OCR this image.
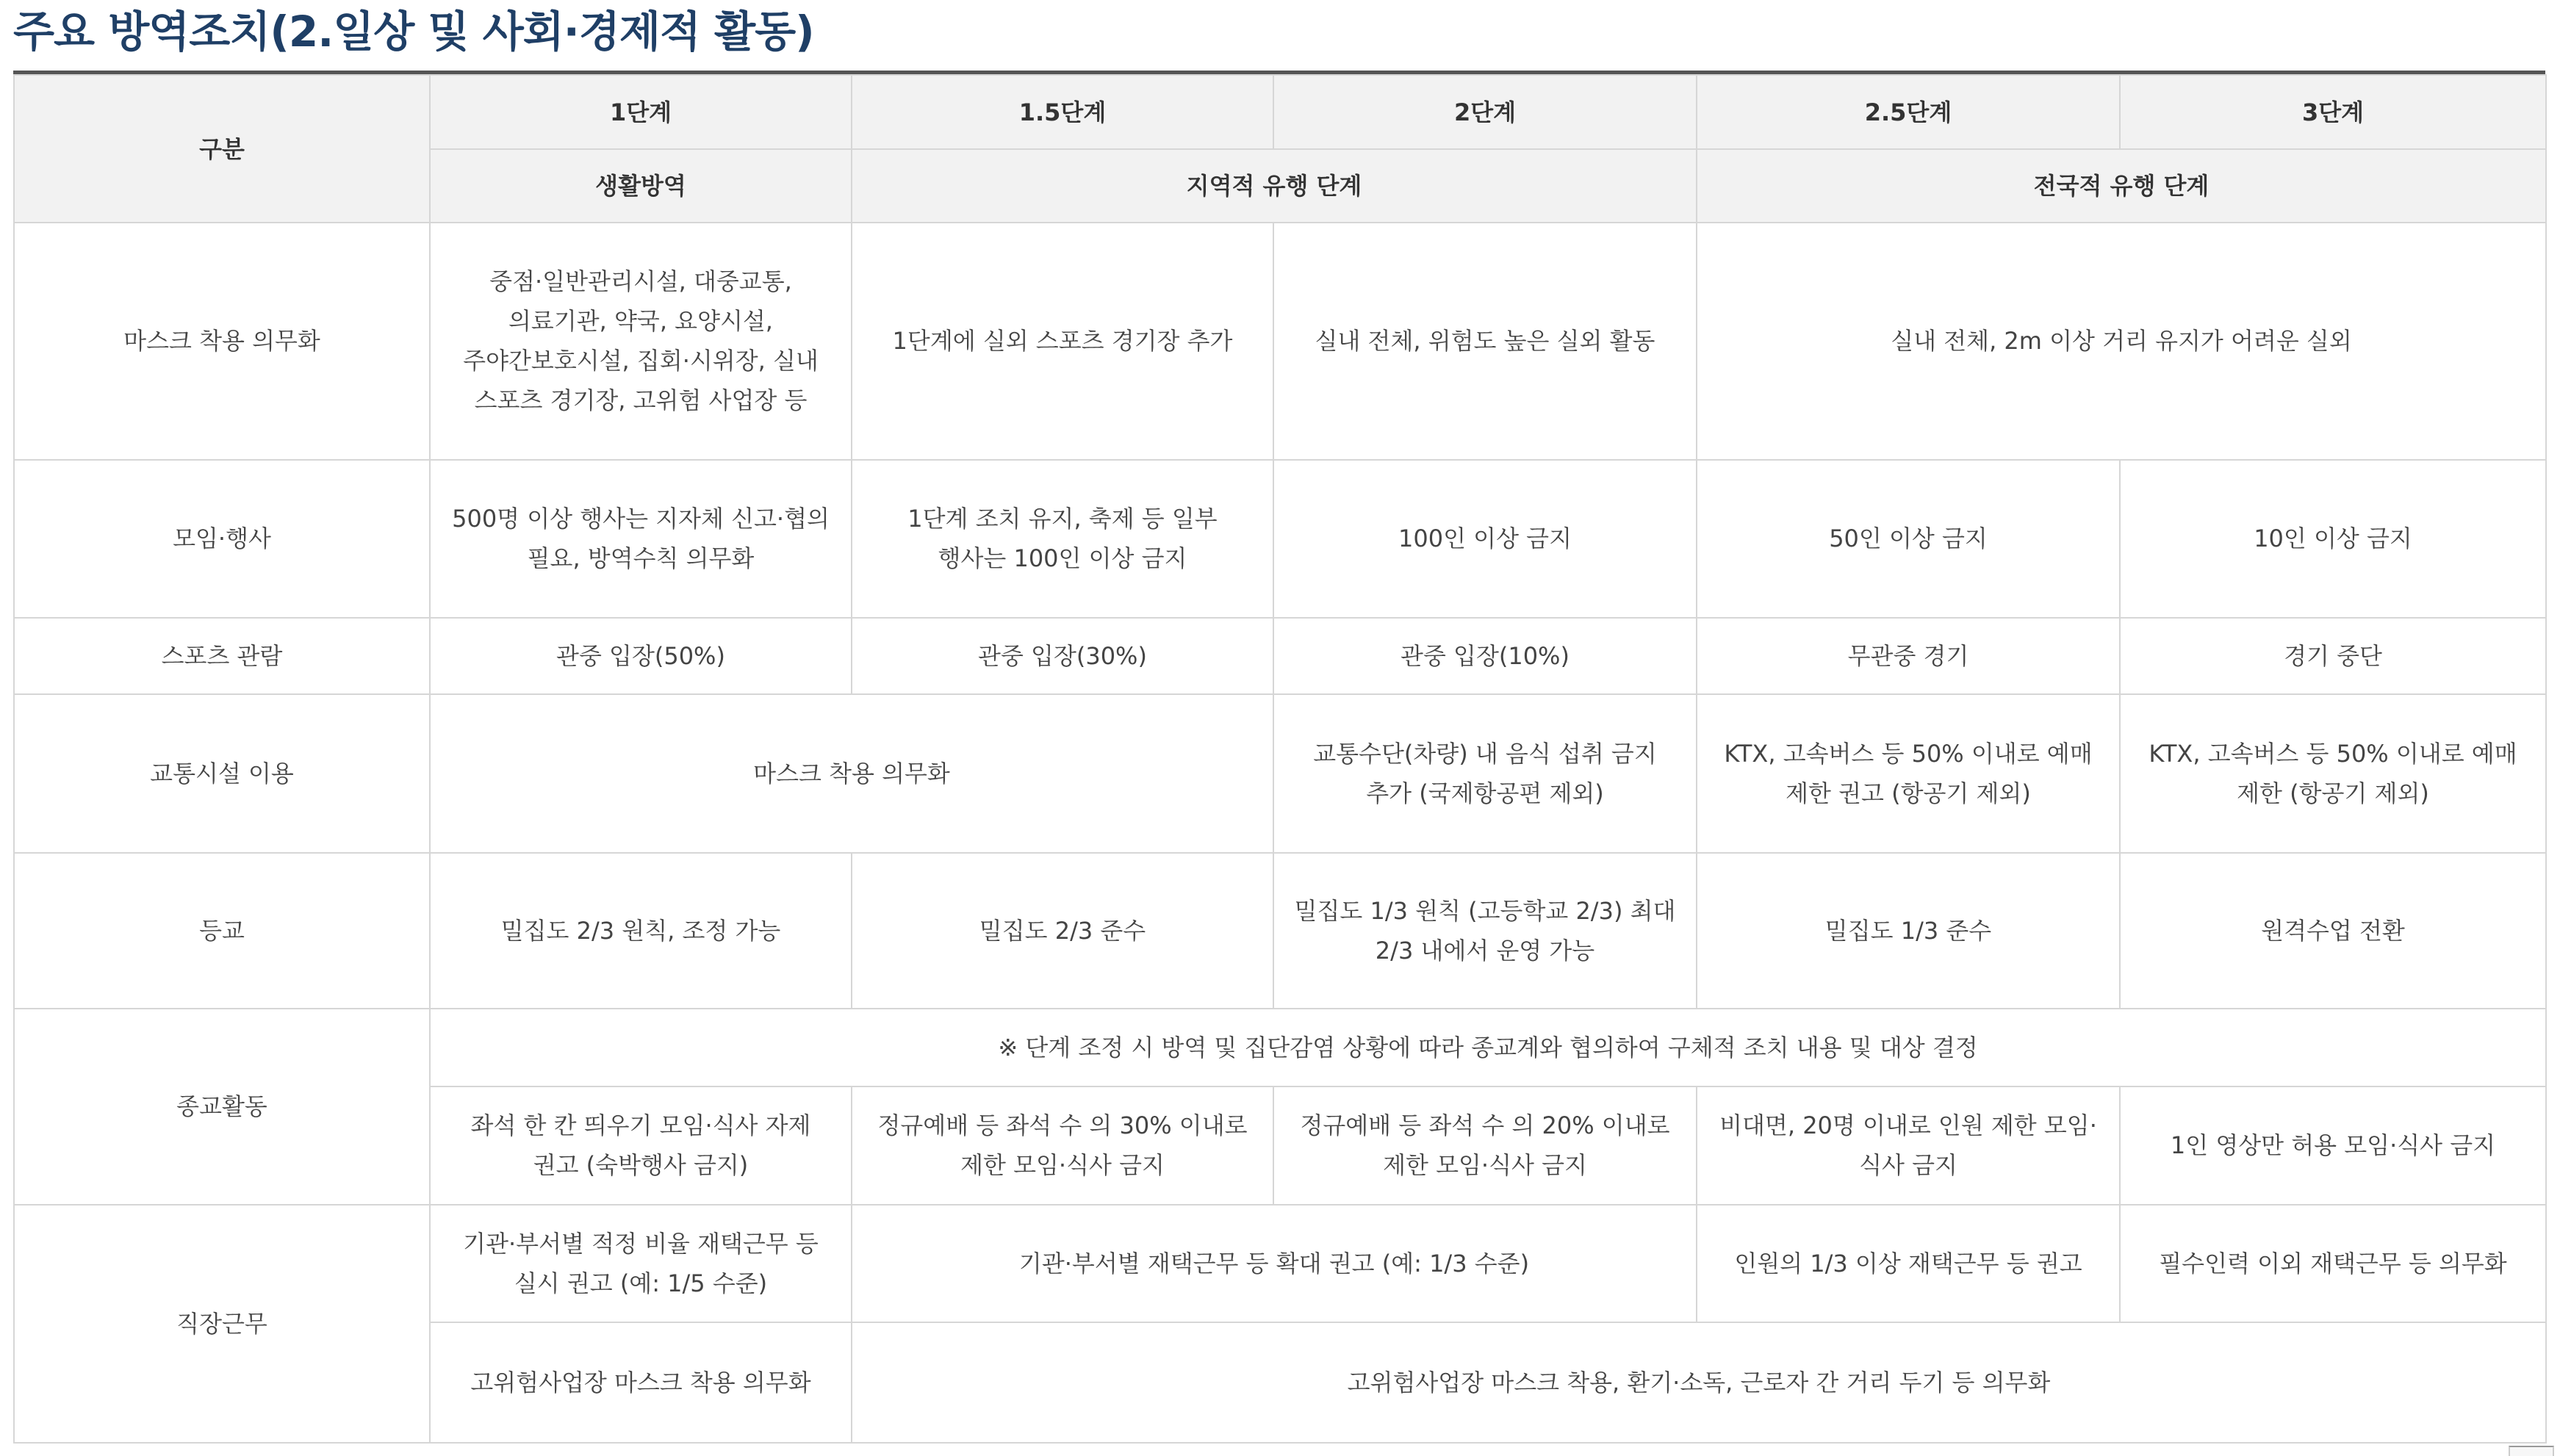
주요 방역조치(2.일상 및 사회·경제적 활동)
구분	1단계	1.5단계	2단계	2.5단계	3단계
	생활방역	지역적 유행 단계		전국적 유행 단계	
마스크 착용 의무화	중점·일반관리시설, 대중교통, 의료기관, 약국, 요양시설, 주야간보호시설, 집회·시위장, 실내 스포츠 경기장, 고위험 사업장 등	1단계에 실외 스포츠 경기장 추가	실내 전체, 위험도 높은 실외 활동	실내 전체, 2m 이상 거리 유지가 어려운 실외	
모임·행사	500명 이상 행사는 지자체 신고·협의 필요, 방역수칙 의무화	1단계 조치 유지, 축제 등 일부 행사는 100인 이상 금지	100인 이상 금지	50인 이상 금지	10인 이상 금지
스포츠 관람	관중 입장(50%)	관중 입장(30%)	관중 입장(10%)	무관중 경기	경기 중단
교통시설 이용	마스크 착용 의무화		교통수단(차량) 내 음식 섭취 금지 추가 (국제항공편 제외)	KTX, 고속버스 등 50% 이내로 예매 제한 권고 (항공기 제외)	KTX, 고속버스 등 50% 이내로 예매 제한 (항공기 제외)
등교	밀집도 2/3 원칙, 조정 가능	밀집도 2/3 준수	밀집도 1/3 원칙 (고등학교 2/3) 최대 2/3 내에서 운영 가능	밀집도 1/3 준수	원격수업 전환
종교활동	※ 단계 조정 시 방역 및 집단감염 상황에 따라 종교계와 협의하여 구체적 조치 내용 및 대상 결정				
	좌석 한 칸 띄우기 모임·식사 자제 권고 (숙박행사 금지)	정규예배 등 좌석 수 의 30% 이내로 제한 모임·식사 금지	정규예배 등 좌석 수 의 20% 이내로 제한 모임·식사 금지	비대면, 20명 이내로 인원 제한 모임·식사 금지	1인 영상만 허용 모임·식사 금지
직장근무	기관·부서별 적정 비율 재택근무 등 실시 권고 (예: 1/5 수준)	기관·부서별 재택근무 등 확대 권고 (예: 1/3 수준)		인원의 1/3 이상 재택근무 등 권고	필수인력 이외 재택근무 등 의무화
	고위험사업장 마스크 착용 의무화	고위험사업장 마스크 착용, 환기·소독, 근로자 간 거리 두기 등 의무화			
